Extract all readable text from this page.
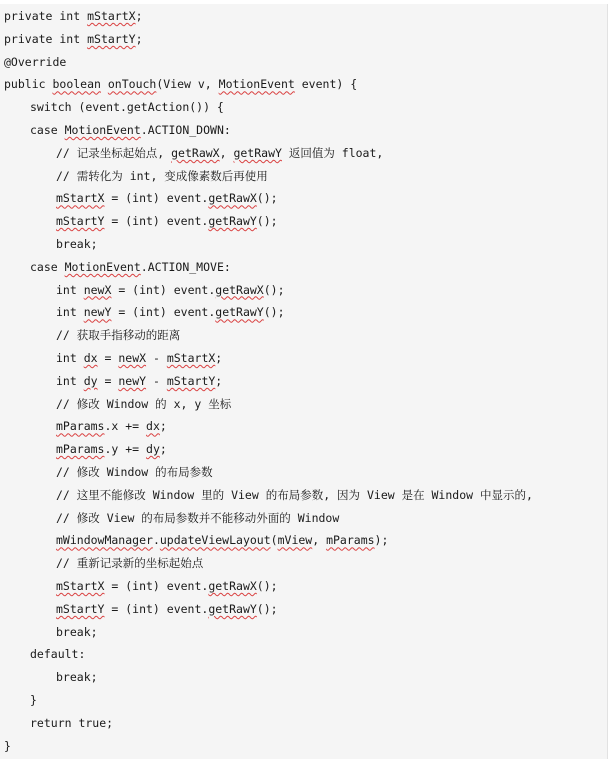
private int mStartX;
private int mStartY;
@Override
public boolean onTouch(View v, MotionEvent event) {
switch (event.getAction()) {
case MotionEvent.ACTION_DOWN:
// 记录坐标起始点, getRawX, getRawY 返回值为 float,
// 需转化为 int, 变成像素数后再使用
mStartX = (int) event.getRawX();
mStartY = (int) event.getRawY();
break;
case MotionEvent.ACTION_MOVE:
int newX = (int) event.getRawX();
int newY = (int) event.getRawY();
// 获取手指移动的距离
int dx = newX - mStartX;
int dy = newY - mStartY;
// 修改 Window 的 x, y 坐标
mParams.x += dx;
mParams.y += dy;
// 修改 Window 的布局参数
// 这里不能修改 Window 里的 View 的布局参数, 因为 View 是在 Window 中显示的,
// 修改 View 的布局参数并不能移动外面的 Window
mWindowManager.updateViewLayout(mView, mParams);
// 重新记录新的坐标起始点
mStartX = (int) event.getRawX();
mStartY = (int) event.getRawY();
break;
default:
break;
}
return true;
}
